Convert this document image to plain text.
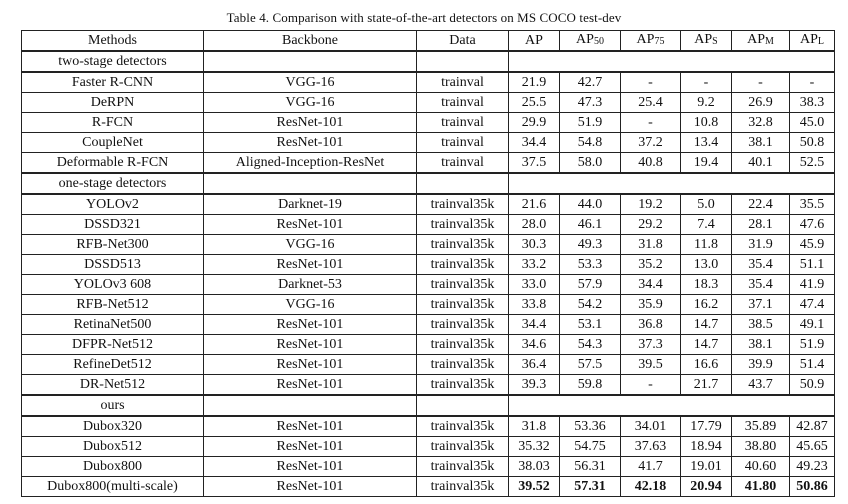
Table 4. Comparison with state-of-the-art detectors on MS COCO test-dev
Methods	Backbone	Data	AP	AP50	AP75	APS	APM	APL
two-stage detectors								
Faster R-CNN	VGG-16	trainval	21.9	42.7	-	-	-	-
DeRPN	VGG-16	trainval	25.5	47.3	25.4	9.2	26.9	38.3
R-FCN	ResNet-101	trainval	29.9	51.9	-	10.8	32.8	45.0
CoupleNet	ResNet-101	trainval	34.4	54.8	37.2	13.4	38.1	50.8
Deformable R-FCN	Aligned-Inception-ResNet	trainval	37.5	58.0	40.8	19.4	40.1	52.5
one-stage detectors								
YOLOv2	Darknet-19	trainval35k	21.6	44.0	19.2	5.0	22.4	35.5
DSSD321	ResNet-101	trainval35k	28.0	46.1	29.2	7.4	28.1	47.6
RFB-Net300	VGG-16	trainval35k	30.3	49.3	31.8	11.8	31.9	45.9
DSSD513	ResNet-101	trainval35k	33.2	53.3	35.2	13.0	35.4	51.1
YOLOv3 608	Darknet-53	trainval35k	33.0	57.9	34.4	18.3	35.4	41.9
RFB-Net512	VGG-16	trainval35k	33.8	54.2	35.9	16.2	37.1	47.4
RetinaNet500	ResNet-101	trainval35k	34.4	53.1	36.8	14.7	38.5	49.1
DFPR-Net512	ResNet-101	trainval35k	34.6	54.3	37.3	14.7	38.1	51.9
RefineDet512	ResNet-101	trainval35k	36.4	57.5	39.5	16.6	39.9	51.4
DR-Net512	ResNet-101	trainval35k	39.3	59.8	-	21.7	43.7	50.9
ours								
Dubox320	ResNet-101	trainval35k	31.8	53.36	34.01	17.79	35.89	42.87
Dubox512	ResNet-101	trainval35k	35.32	54.75	37.63	18.94	38.80	45.65
Dubox800	ResNet-101	trainval35k	38.03	56.31	41.7	19.01	40.60	49.23
Dubox800(multi-scale)	ResNet-101	trainval35k	39.52	57.31	42.18	20.94	41.80	50.86
